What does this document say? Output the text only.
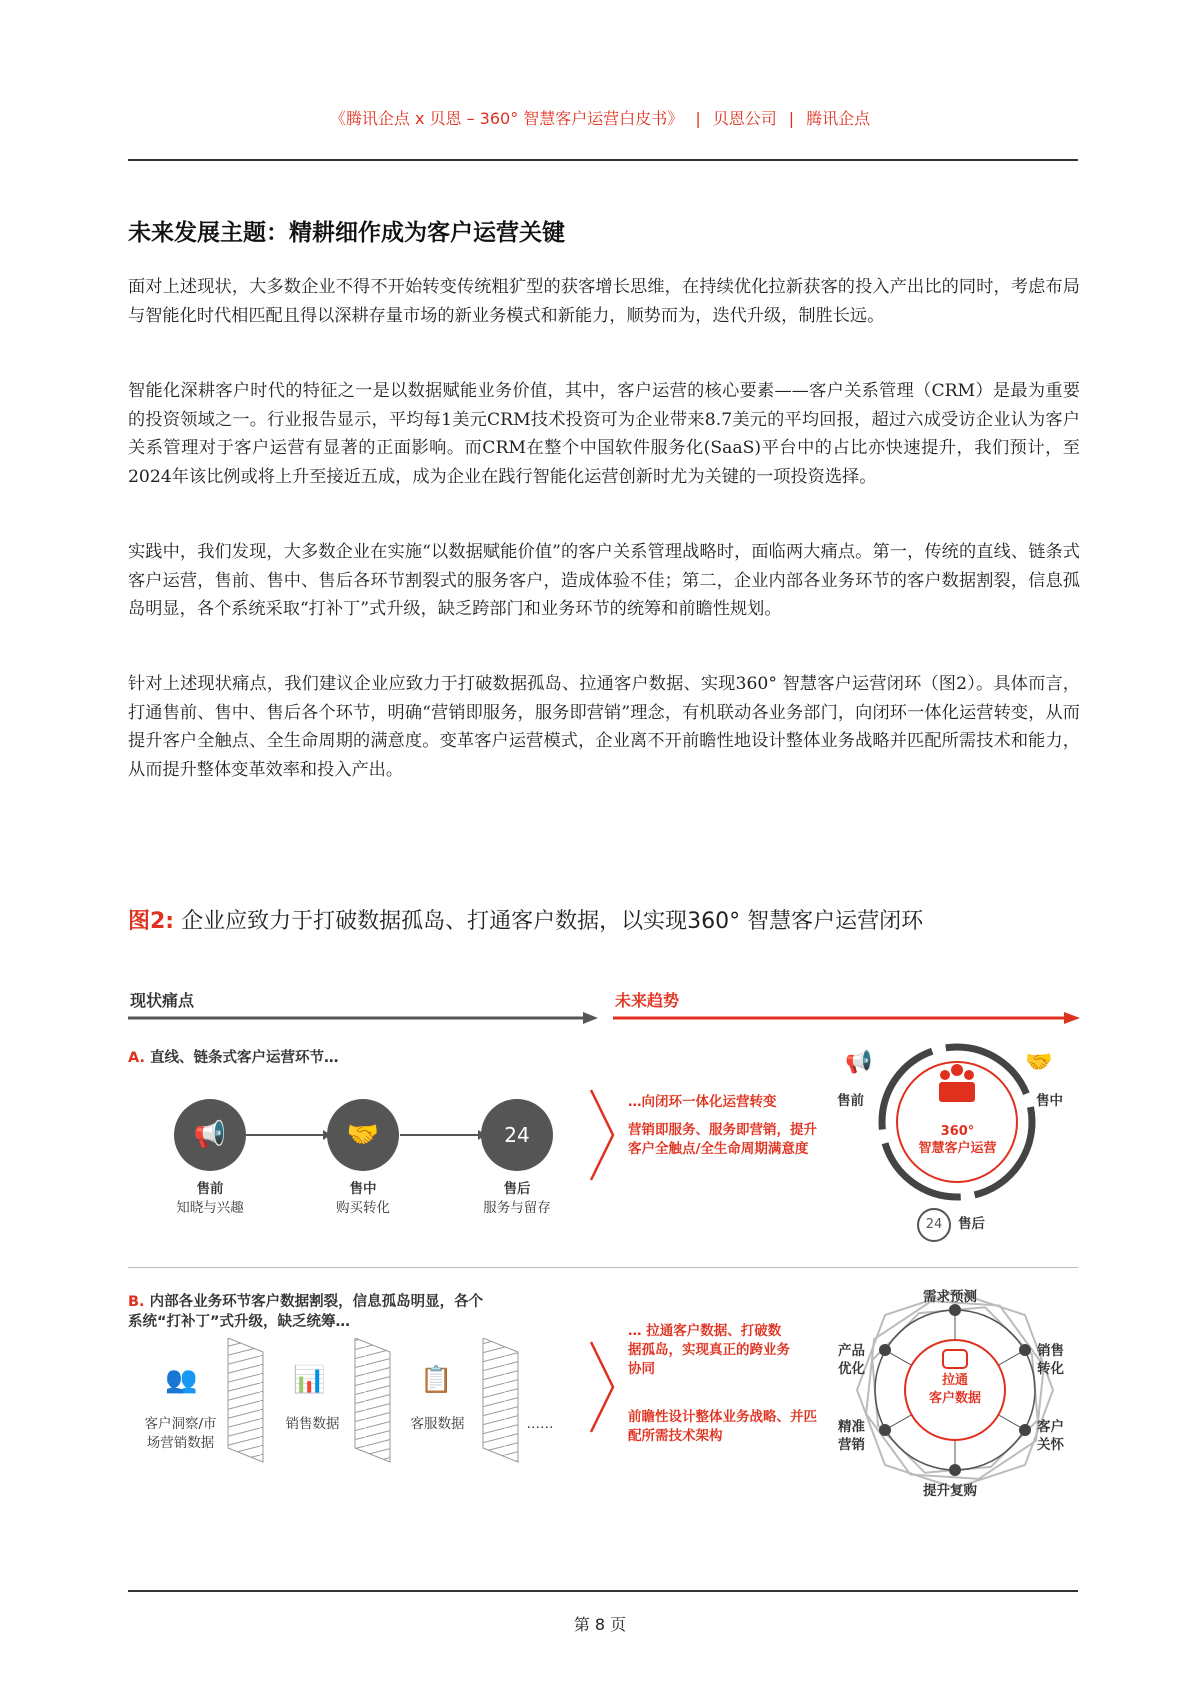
《腾讯企点 x 贝恩 – 360° 智慧客户运营白皮书》 | 贝恩公司 | 腾讯企点
未来发展主题：精耕细作成为客户运营关键
面对上述现状，大多数企业不得不开始转变传统粗犷型的获客增长思维，在持续优化拉新获客的投入产出比的同时，考虑布局与智能化时代相匹配且得以深耕存量市场的新业务模式和新能力，顺势而为，迭代升级，制胜长远。
智能化深耕客户时代的特征之一是以数据赋能业务价值，其中，客户运营的核心要素——客户关系管理（CRM）是最为重要的投资领域之一。行业报告显示，平均每1美元CRM技术投资可为企业带来8.7美元的平均回报，超过六成受访企业认为客户关系管理对于客户运营有显著的正面影响。而CRM在整个中国软件服务化(SaaS)平台中的占比亦快速提升，我们预计，至2024年该比例或将上升至接近五成，成为企业在践行智能化运营创新时尤为关键的一项投资选择。
实践中，我们发现，大多数企业在实施“以数据赋能价值”的客户关系管理战略时，面临两大痛点。第一，传统的直线、链条式客户运营，售前、售中、售后各环节割裂式的服务客户，造成体验不佳；第二，企业内部各业务环节的客户数据割裂，信息孤岛明显，各个系统采取“打补丁”式升级，缺乏跨部门和业务环节的统筹和前瞻性规划。
针对上述现状痛点，我们建议企业应致力于打破数据孤岛、拉通客户数据、实现360° 智慧客户运营闭环（图2）。具体而言，打通售前、售中、售后各个环节，明确“营销即服务，服务即营销”理念，有机联动各业务部门，向闭环一体化运营转变，从而提升客户全触点、全生命周期的满意度。变革客户运营模式，企业离不开前瞻性地设计整体业务战略并匹配所需技术和能力，从而提升整体变革效率和投入产出。
图2: 企业应致力于打破数据孤岛、打通客户数据，以实现360° 智慧客户运营闭环
现状痛点	未来趋势
A. 直线、链条式客户运营环节…
📢	🤝	24
售前
知晓与兴趣
售中
购买转化
售后
服务与留存
…向闭环一体化运营转变
营销即服务、服务即营销，提升客户全触点/全生命周期满意度
360°
智慧客户运营
📢
售前
🤝
售中
24	售后
B. 内部各业务环节客户数据割裂，信息孤岛明显，各个系统“打补丁”式升级，缺乏统筹…
👥
客户洞察/市场营销数据
📊
销售数据
📋
客服数据	……
… 拉通客户数据、打破数据孤岛，实现真正的跨业务协同
前瞻性设计整体业务战略、并匹配所需技术架构
拉通
客户数据
需求预测
销售转化
客户关怀
提升复购
精准营销
产品优化
第 8 页
